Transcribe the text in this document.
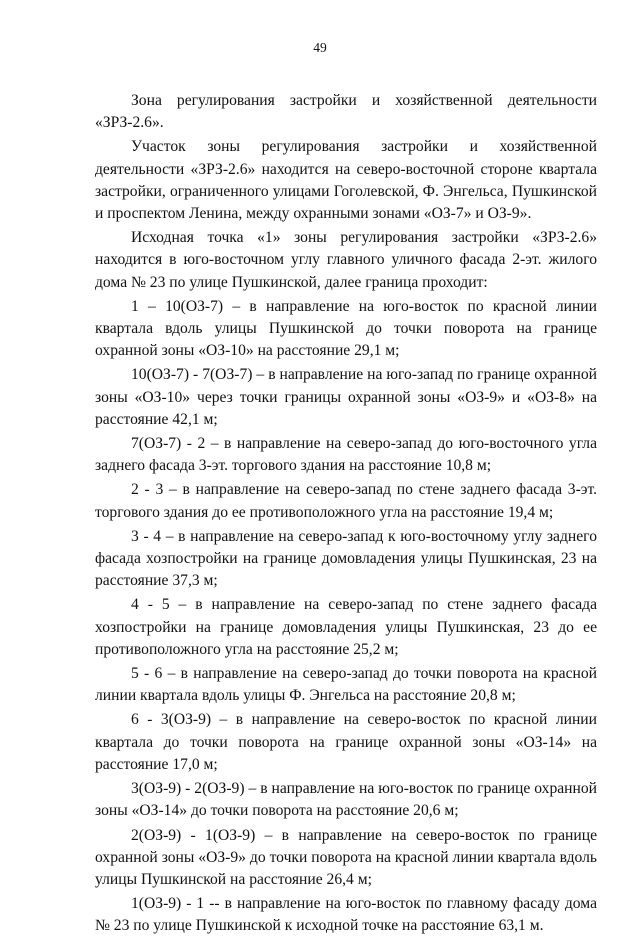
49

Зона регулирования застройки и хозяйственной деятельности «ЗРЗ-2.6».

Участок зоны регулирования застройки и хозяйственной деятельности «ЗРЗ-2.6» находится на северо-восточной стороне квартала застройки, ограниченного улицами Гоголевской, Ф. Энгельса, Пушкинской и проспектом Ленина, между охранными зонами «ОЗ-7» и ОЗ-9».

Исходная точка «1» зоны регулирования застройки «ЗРЗ-2.6» находится в юго-восточном углу главного уличного фасада 2-эт. жилого дома № 23 по улице Пушкинской, далее граница проходит:

1 – 10(ОЗ-7) – в направление на юго-восток по красной линии квартала вдоль улицы Пушкинской до точки поворота на границе охранной зоны «ОЗ-10» на расстояние 29,1 м;

10(ОЗ-7) - 7(ОЗ-7) – в направление на юго-запад по границе охранной зоны «ОЗ-10» через точки границы охранной зоны «ОЗ-9» и «ОЗ-8» на расстояние 42,1 м;

7(ОЗ-7) - 2 – в направление на северо-запад до юго-восточного угла заднего фасада 3-эт. торгового здания на расстояние 10,8 м;

2 - 3 – в направление на северо-запад по стене заднего фасада 3-эт. торгового здания до ее противоположного угла на расстояние 19,4 м;

3 - 4 – в направление на северо-запад к юго-восточному углу заднего фасада хозпостройки на границе домовладения улицы Пушкинская, 23 на расстояние 37,3 м;

4 - 5 – в направление на северо-запад по стене заднего фасада хозпостройки на границе домовладения улицы Пушкинская, 23 до ее противоположного угла на расстояние 25,2 м;

5 - 6 – в направление на северо-запад до точки поворота на красной линии квартала вдоль улицы Ф. Энгельса на расстояние 20,8 м;

6 - 3(ОЗ-9) – в направление на северо-восток по красной линии квартала до точки поворота на границе охранной зоны «ОЗ-14» на расстояние 17,0 м;

3(ОЗ-9) - 2(ОЗ-9) – в направление на юго-восток по границе охранной зоны «ОЗ-14» до точки поворота на расстояние 20,6 м;

2(ОЗ-9) - 1(ОЗ-9) – в направление на северо-восток по границе охранной зоны «ОЗ-9» до точки поворота на красной линии квартала вдоль улицы Пушкинской на расстояние 26,4 м;

1(ОЗ-9) - 1 -- в направление на юго-восток по главному фасаду дома № 23 по улице Пушкинской к исходной точке на расстояние 63,1 м.
